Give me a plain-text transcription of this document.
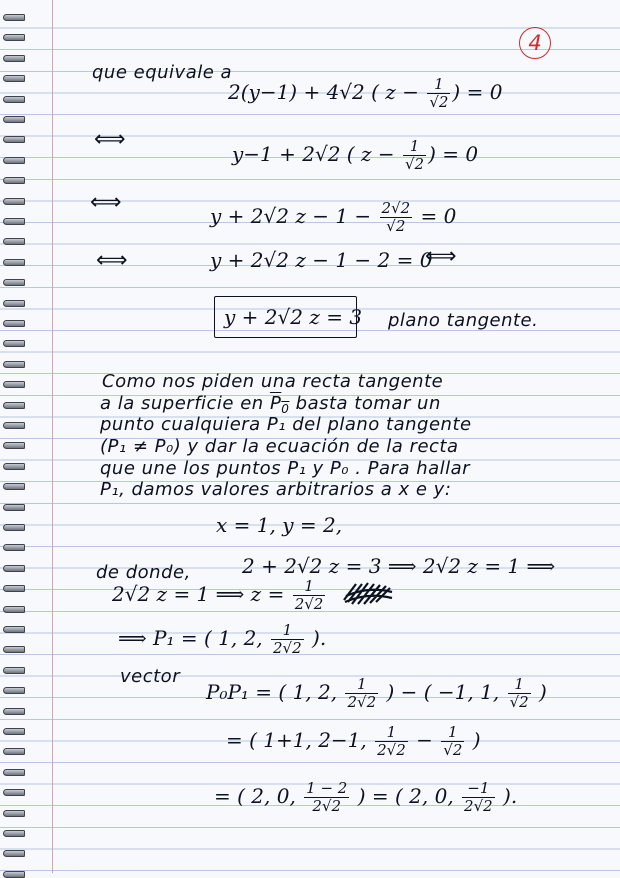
4
que equivale a
2(y−1) + 4√2 ( $z - \frac{1}{√2}$ ) = 0
⟺
y−1 + 2√2 ( $z - \frac{1}{√2}$ ) = 0
⟺
y + 2√2 $z - 1 - \frac{2√2}{√2} = 0$
⟺	y + 2√2 z − 1 − 2 = 0
⟺
y + 2√2 z = 3 plano tangente.
Como nos piden una recta tangente
a la superficie en $P_0$ basta tomar un
punto cualquiera P₁ del plano tangente
(P₁ ≠ P₀) y dar la ecuación de la recta
que une los puntos P₁ y P₀ . Para hallar
P₁, damos valores arbitrarios a x e y:
x = 1, y = 2,
de donde,	2 + 2√2 z = 3 ⟹ 2√2 z = 1 ⟹
2√2 z = 1 ⟹ $z = \frac{1}{2√2}$
⟹ P₁ = ( 1, 2, $\frac{1}{2√2}$ ).
vector
P₀P₁ = ( 1, 2, $\frac{1}{2√2}$ ) − ( −1, 1, $\frac{1}{√2}$ )
= ( 1+1, 2−1, $\frac{1}{2√2} - \frac{1}{√2}$ )
= ( 2, 0, $\frac{1 - 2}{2√2}$ ) = ( 2, 0, $\frac{-1}{2√2}$ ).
